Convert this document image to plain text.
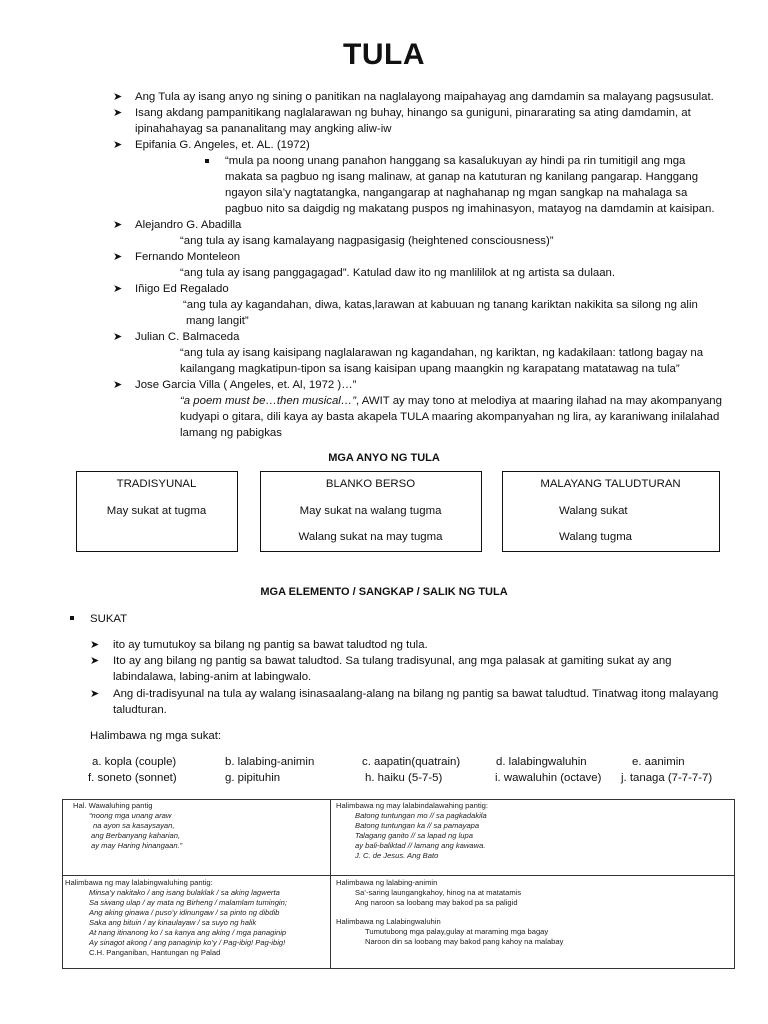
TULA
➤ Ang Tula ay isang anyo ng sining o panitikan na naglalayong maipahayag ang damdamin sa malayang pagsusulat.
➤ Isang akdang pampanitikang naglalarawan ng buhay, hinango sa guniguni, pinararating sa ating damdamin, at
ipinahahayag sa pananalitang may angking aliw-iw
➤ Epifania G. Angeles, et. AL. (1972)
“mula pa noong unang panahon hanggang sa kasalukuyan ay hindi pa rin tumitigil ang mga
makata sa pagbuo ng isang malinaw, at ganap na katuturan ng kanilang pangarap. Hanggang
ngayon sila’y nagtatangka, nangangarap at naghahanap ng mgan sangkap na mahalaga sa
pagbuo nito sa daigdig ng makatang puspos ng imahinasyon, matayog na damdamin at kaisipan.
➤ Alejandro G. Abadilla
“ang tula ay isang kamalayang nagpasigasig (heightened consciousness)”
➤ Fernando Monteleon
“ang tula ay isang panggagagad”. Katulad daw ito ng manlililok at ng artista sa dulaan.
➤ Iñigo Ed Regalado
“ang tula ay kagandahan, diwa, katas,larawan at kabuuan ng tanang kariktan nakikita sa silong ng alin
mang langit”
➤ Julian C. Balmaceda
“ang tula ay isang kaisipang naglalarawan ng kagandahan, ng kariktan, ng kadakilaan: tatlong bagay na
kailangang magkatipun-tipon sa isang kaisipan upang maangkin ng karapatang matatawag na tula”
➤ Jose Garcia Villa ( Angeles, et. Al, 1972 )…”
“a poem must be…then musical…”, AWIT ay may tono at melodiya at maaring ilahad na may akompanyang
kudyapi o gitara, dili kaya ay basta akapela TULA maaring akompanyahan ng lira, ay karaniwang inilalahad
lamang ng pabigkas
MGA ANYO NG TULA
TRADISYUNAL
May sukat at tugma
BLANKO BERSO
May sukat na walang tugma
Walang sukat na may tugma
MALAYANG TALUDTURAN
Walang sukat
Walang tugma
MGA ELEMENTO / SANGKAP / SALIK NG TULA
SUKAT
➤ ito ay tumutukoy sa bilang ng pantig sa bawat taludtod ng tula.
➤ Ito ay ang bilang ng pantig sa bawat taludtod. Sa tulang tradisyunal, ang mga palasak at gamiting sukat ay ang
labindalawa, labing-anim at labingwalo.
➤ Ang di-tradisyunal na tula ay walang isinasaalang-alang na bilang ng pantig sa bawat taludtud. Tinatwag itong malayang
taludturan.
Halimbawa ng mga sukat:
a. kopla (couple)	b. lalabing-animin	c. aapatin(quatrain)	d. lalabingwaluhin	e. aanimin
f. soneto (sonnet)	g. pipituhin	h. haiku (5-7-5)	i. wawaluhin (octave) j. tanaga (7-7-7-7)
Hal. Wawaluhing pantig
“noong mga unang araw
na ayon sa kasaysayan,
ang Berbanyang kaharian,
ay may Haring hinangaan.”
Halimbawa ng may lalabindalawahing pantig:
Batong tuntungan mo // sa pagkadakila
Batong tuntungan ka // sa pamayapa
Talagang ganito // sa lapad ng lupa
ay bali-baliktad // lamang ang kawawa.
J. C. de Jesus. Ang Bato
Halimbawa ng may lalabingwaluhing pantig:
Minsa’y nakitako / ang isang bulaklak / sa aking lagwerta
Sa siwang ulap / ay mata ng Birheng / malamlam tumingin;
Ang aking ginawa / puso’y idinungaw / sa pinto ng dibdib
Saka ang bituin / ay kinaulayaw / sa suyo ng halik
At nang itinanong ko / sa kanya ang aking / mga panaginip
Ay sinagot akong / ang panaginip ko’y / Pag-ibig! Pag-ibig!
C.H. Panganiban, Hantungan ng Palad
Halimbawa ng lalabing-animin
Sa’-saring laungangkahoy, hinog na at matatamis
Ang naroon sa loobang may bakod pa sa paligid
Halimbawa ng Lalabingwaluhin
Tumutubong mga palay,gulay at maraming mga bagay
Naroon din sa loobang may bakod pang kahoy na malabay
